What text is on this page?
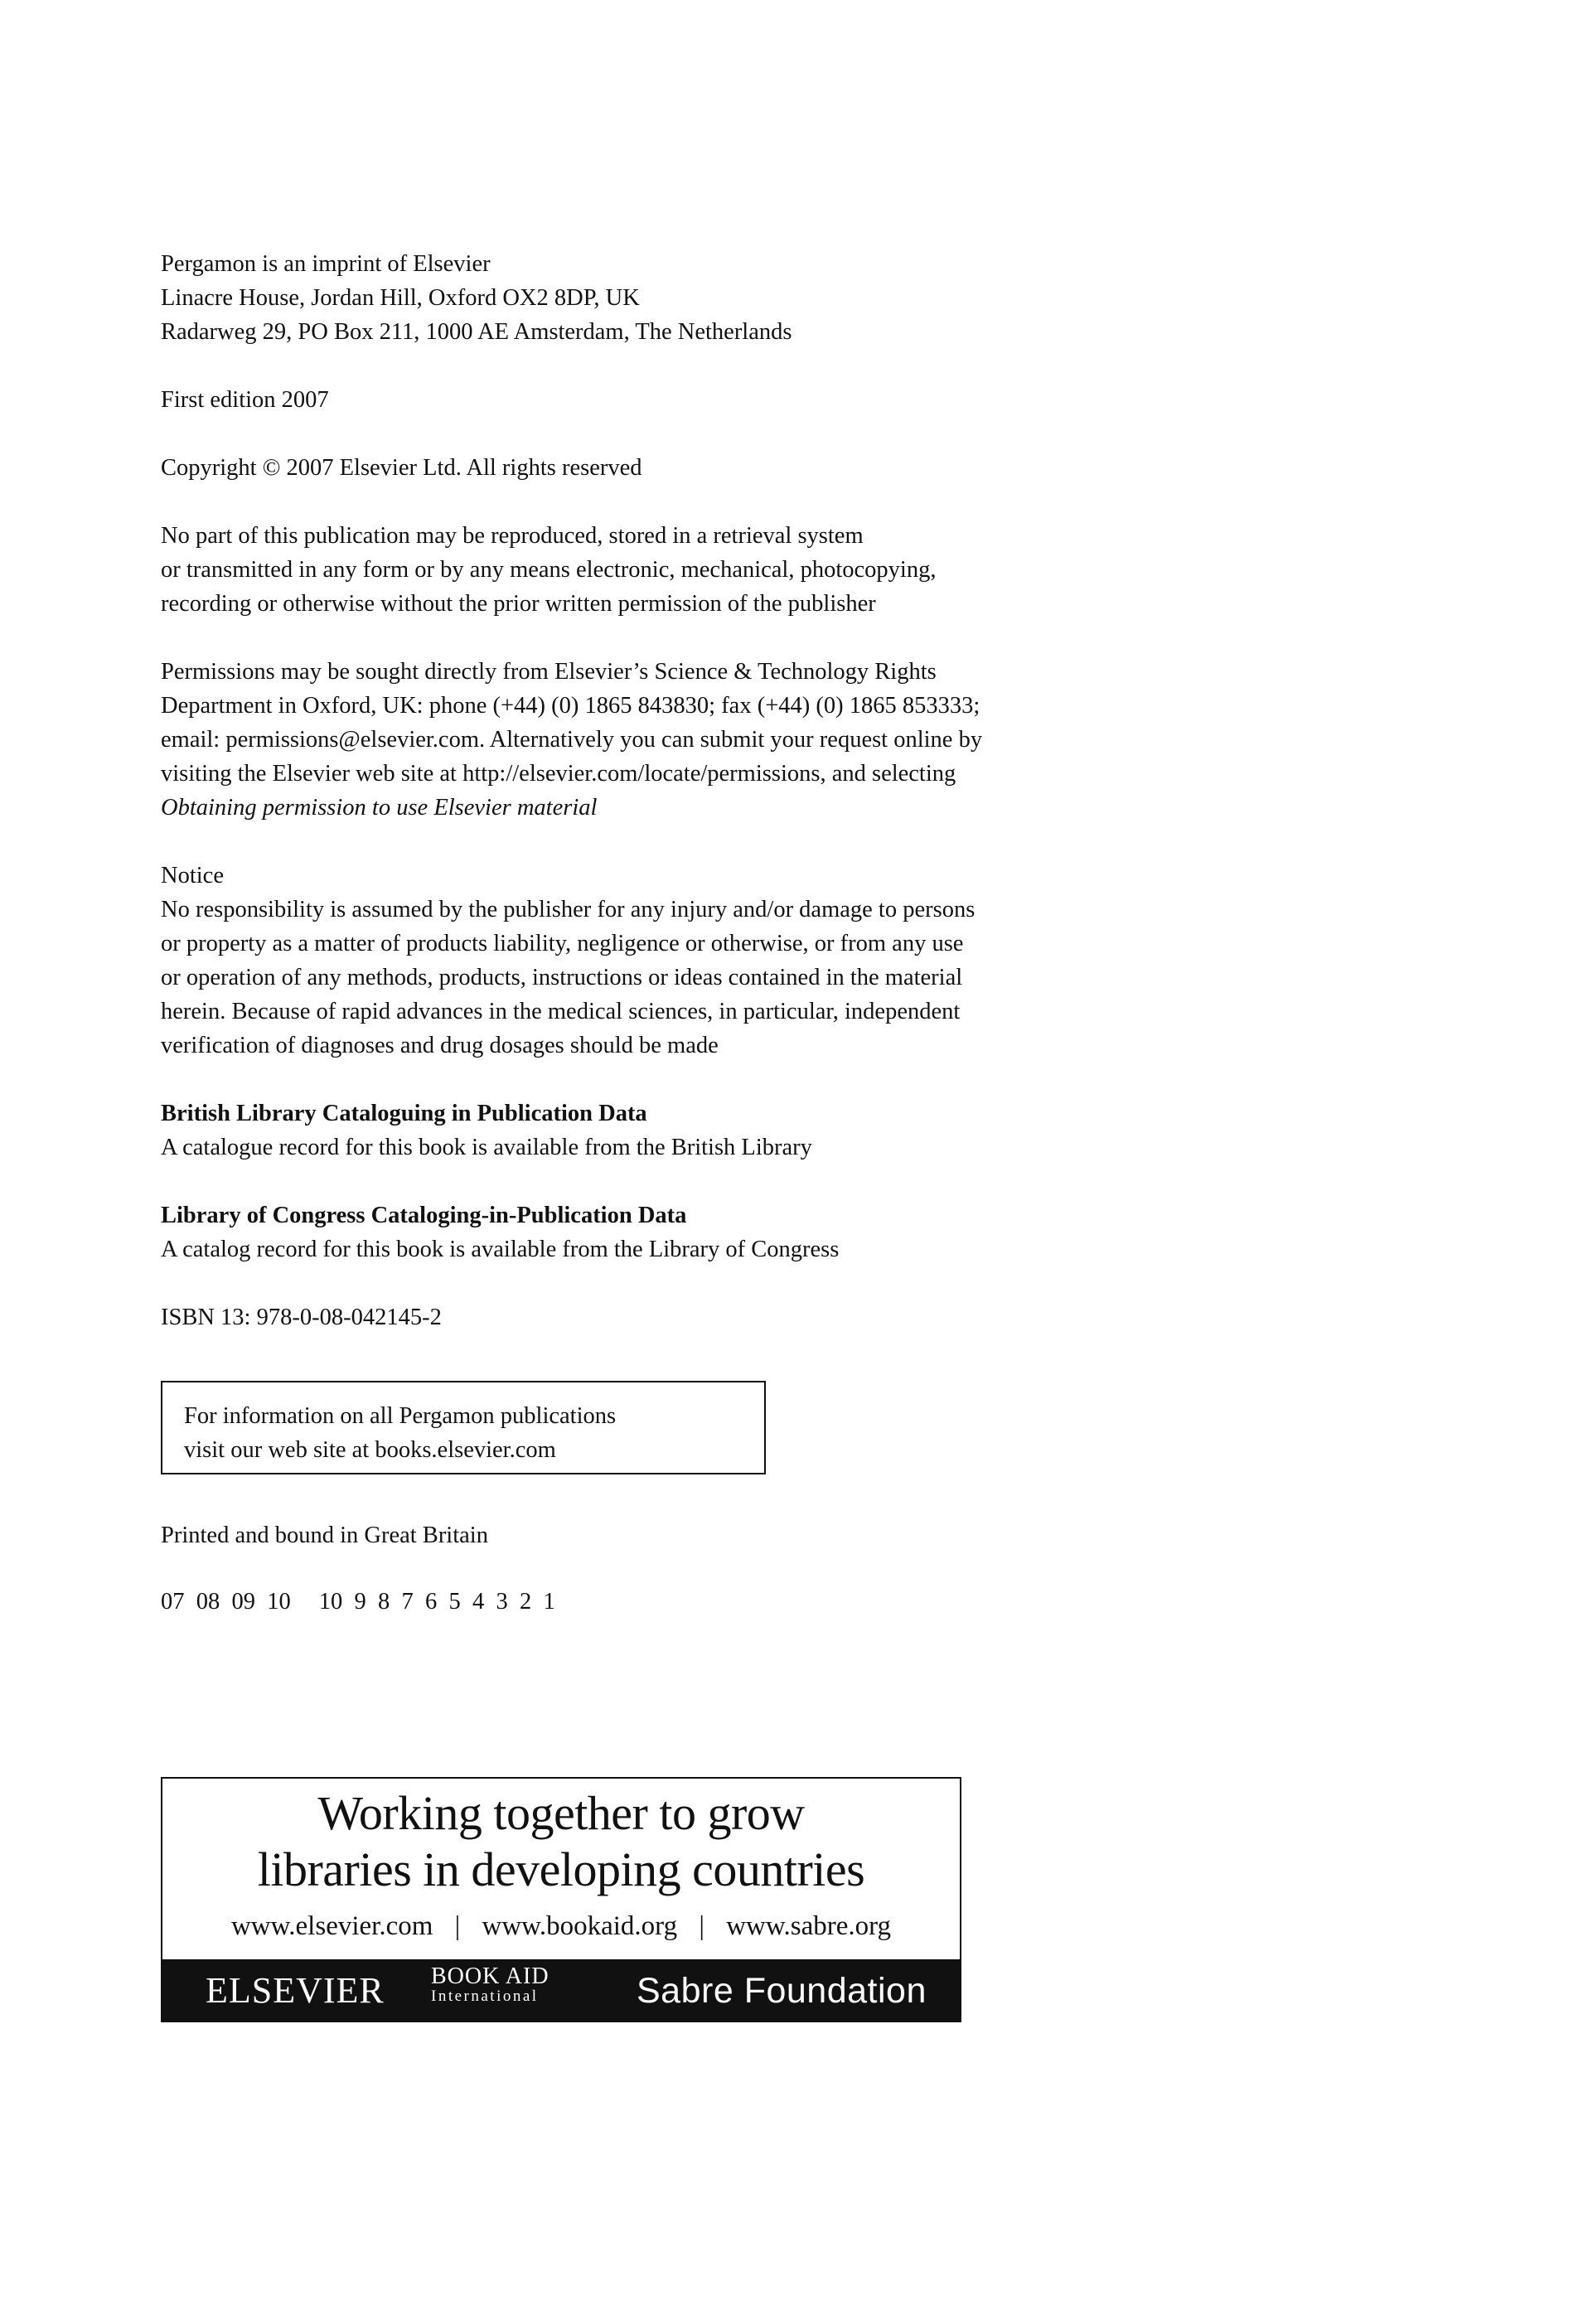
Pergamon is an imprint of Elsevier
Linacre House, Jordan Hill, Oxford OX2 8DP, UK
Radarweg 29, PO Box 211, 1000 AE Amsterdam, The Netherlands
First edition 2007
Copyright © 2007 Elsevier Ltd. All rights reserved
No part of this publication may be reproduced, stored in a retrieval system
or transmitted in any form or by any means electronic, mechanical, photocopying,
recording or otherwise without the prior written permission of the publisher
Permissions may be sought directly from Elsevier’s Science & Technology Rights
Department in Oxford, UK: phone (+44) (0) 1865 843830; fax (+44) (0) 1865 853333;
email: permissions@elsevier.com. Alternatively you can submit your request online by
visiting the Elsevier web site at http://elsevier.com/locate/permissions, and selecting
Obtaining permission to use Elsevier material
Notice
No responsibility is assumed by the publisher for any injury and/or damage to persons
or property as a matter of products liability, negligence or otherwise, or from any use
or operation of any methods, products, instructions or ideas contained in the material
herein. Because of rapid advances in the medical sciences, in particular, independent
verification of diagnoses and drug dosages should be made
British Library Cataloguing in Publication Data
A catalogue record for this book is available from the British Library
Library of Congress Cataloging-in-Publication Data
A catalog record for this book is available from the Library of Congress
ISBN 13: 978-0-08-042145-2
For information on all Pergamon publications
visit our web site at books.elsevier.com
Printed and bound in Great Britain
07  08  09  10 10  9  8  7  6  5  4  3  2  1
Working together to grow
libraries in developing countries
www.elsevier.com | www.bookaid.org | www.sabre.org
ELSEVIER BOOK AID
International	Sabre Foundation
